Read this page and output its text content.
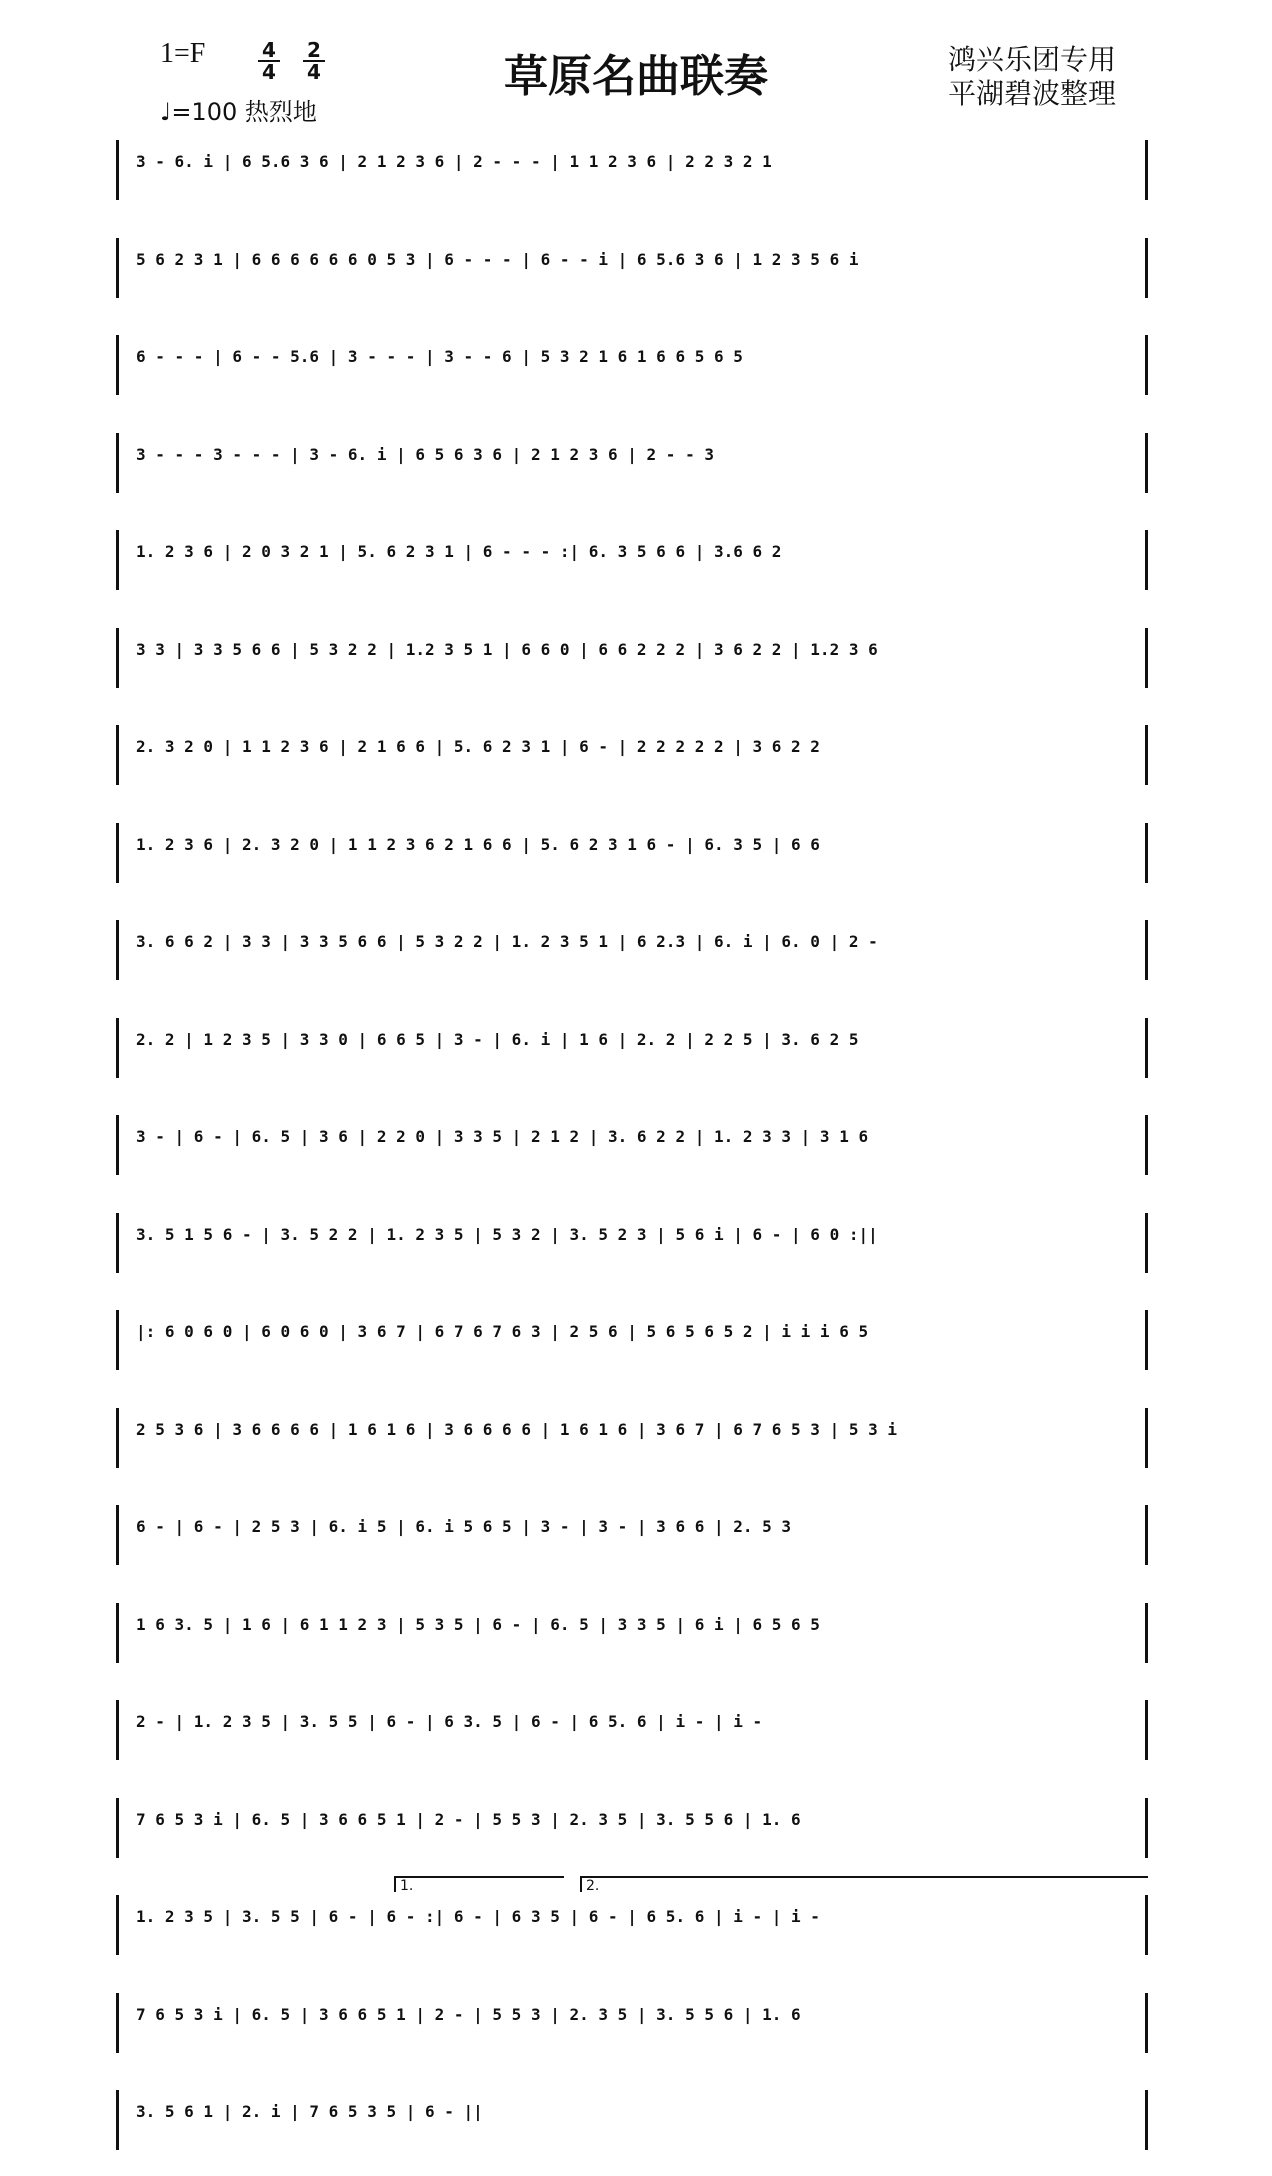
1=F	$\frac{4}{4} \frac{2}{4}$
♩=100 热烈地
草原名曲联奏	鸿兴乐团专用
平湖碧波整理
3 - 6. i | 6 5.6 3 6 | 2 1 2 3 6 | 2 - - - | 1 1 2 3 6 | 2 2 3 2 1
5 6 2 3 1 | 6 6 6 6 6 6 0 5 3 | 6 - - - | 6 - - i | 6 5.6 3 6 | 1 2 3 5 6 i
6 - - - | 6 - - 5.6 | 3 - - - | 3 - - 6 | 5 3 2 1 6 1 6 6 5 6 5
3 - - - 3 - - - | 3 - 6. i | 6 5 6 3 6 | 2 1 2 3 6 | 2 - - 3
1. 2 3 6 | 2 0 3 2 1 | 5. 6 2 3 1 | 6 - - - :| 6. 3 5 6 6 | 3.6 6 2
3 3 | 3 3 5 6 6 | 5 3 2 2 | 1.2 3 5 1 | 6 6 0 | 6 6 2 2 2 | 3 6 2 2 | 1.2 3 6
2. 3 2 0 | 1 1 2 3 6 | 2 1 6 6 | 5. 6 2 3 1 | 6 - | 2 2 2 2 2 | 3 6 2 2
1. 2 3 6 | 2. 3 2 0 | 1 1 2 3 6 2 1 6 6 | 5. 6 2 3 1 6 - | 6. 3 5 | 6 6
3. 6 6 2 | 3 3 | 3 3 5 6 6 | 5 3 2 2 | 1. 2 3 5 1 | 6 2.3 | 6. i | 6. 0 | 2 -
2. 2 | 1 2 3 5 | 3 3 0 | 6 6 5 | 3 - | 6. i | 1 6 | 2. 2 | 2 2 5 | 3. 6 2 5
3 - | 6 - | 6. 5 | 3 6 | 2 2 0 | 3 3 5 | 2 1 2 | 3. 6 2 2 | 1. 2 3 3 | 3 1 6
3. 5 1 5 6 - | 3. 5 2 2 | 1. 2 3 5 | 5 3 2 | 3. 5 2 3 | 5 6 i | 6 - | 6 0 :||
|: 6 0 6 0 | 6 0 6 0 | 3 6 7 | 6 7 6 7 6 3 | 2 5 6 | 5 6 5 6 5 2 | i i i 6 5
2 5 3 6 | 3 6 6 6 6 | 1 6 1 6 | 3 6 6 6 6 | 1 6 1 6 | 3 6 7 | 6 7 6 5 3 | 5 3 i
6 - | 6 - | 2 5 3 | 6. i 5 | 6. i 5 6 5 | 3 - | 3 - | 3 6 6 | 2. 5 3
1 6 3. 5 | 1 6 | 6 1 1 2 3 | 5 3 5 | 6 - | 6. 5 | 3 3 5 | 6 i | 6 5 6 5
2 - | 1. 2 3 5 | 3. 5 5 | 6 - | 6 3. 5 | 6 - | 6 5. 6 | i - | i -
7 6 5 3 i | 6. 5 | 3 6 6 5 1 | 2 - | 5 5 3 | 2. 3 5 | 3. 5 5 6 | 1. 6
1. 2 3 5 | 3. 5 5 | 6 - | 6 - :| 6 - | 6 3 5 | 6 - | 6 5. 6 | i - | i -
7 6 5 3 i | 6. 5 | 3 6 6 5 1 | 2 - | 5 5 3 | 2. 3 5 | 3. 5 5 6 | 1. 6
3. 5 6 1 | 2. i | 7 6 5 3 5 | 6 - ||
1.	2.
